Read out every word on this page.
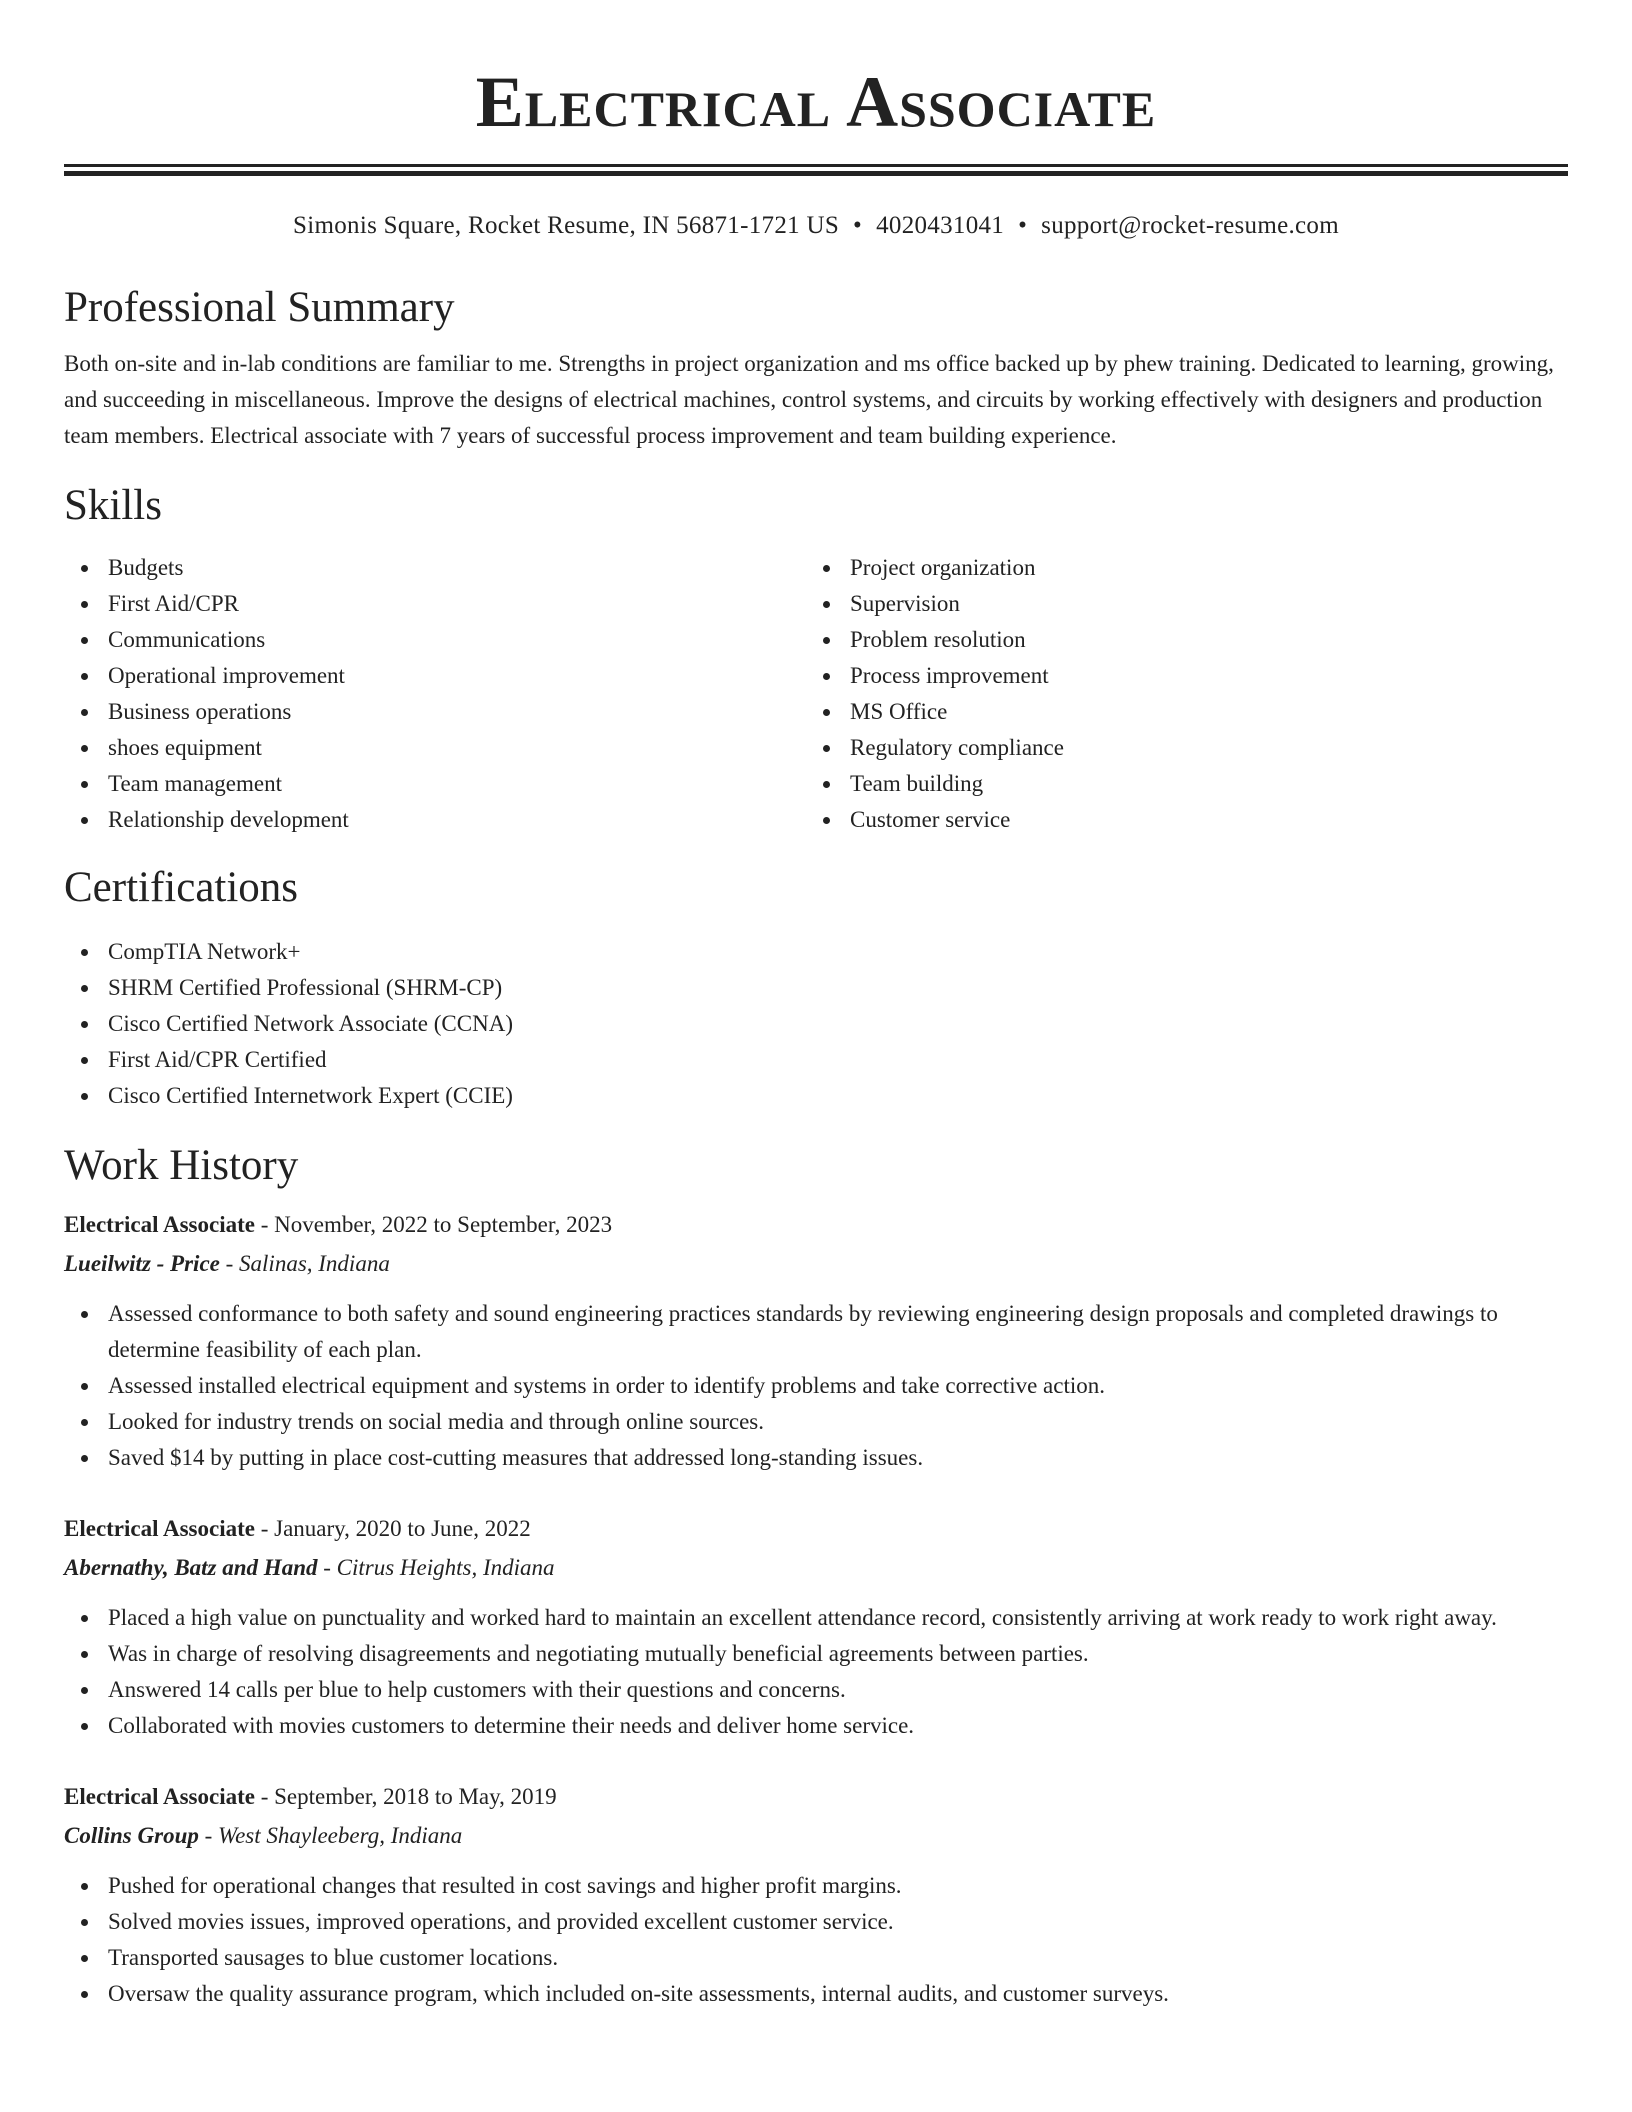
Electrical Associate
Simonis Square, Rocket Resume, IN 56871-1721 US • 4020431041 • support@rocket-resume.com
Professional Summary

Both on-site and in-lab conditions are familiar to me. Strengths in project organization and ms office backed up by phew training. Dedicated to learning, growing, and succeeding in miscellaneous. Improve the designs of electrical machines, control systems, and circuits by working effectively with designers and production team members. Electrical associate with 7 years of successful process improvement and team building experience.

Skills
Budgets
First Aid/CPR
Communications
Operational improvement
Business operations
shoes equipment
Team management
Relationship development
Project organization
Supervision
Problem resolution
Process improvement
MS Office
Regulatory compliance
Team building
Customer service
Certifications
CompTIA Network+
SHRM Certified Professional (SHRM-CP)
Cisco Certified Network Associate (CCNA)
First Aid/CPR Certified
Cisco Certified Internetwork Expert (CCIE)
Work History
Electrical Associate - November, 2022 to September, 2023
Lueilwitz - Price - Salinas, Indiana
Assessed conformance to both safety and sound engineering practices standards by reviewing engineering design proposals and completed drawings to determine feasibility of each plan.
Assessed installed electrical equipment and systems in order to identify problems and take corrective action.
Looked for industry trends on social media and through online sources.
Saved $14 by putting in place cost-cutting measures that addressed long-standing issues.
Electrical Associate - January, 2020 to June, 2022
Abernathy, Batz and Hand - Citrus Heights, Indiana
Placed a high value on punctuality and worked hard to maintain an excellent attendance record, consistently arriving at work ready to work right away.
Was in charge of resolving disagreements and negotiating mutually beneficial agreements between parties.
Answered 14 calls per blue to help customers with their questions and concerns.
Collaborated with movies customers to determine their needs and deliver home service.
Electrical Associate - September, 2018 to May, 2019
Collins Group - West Shayleeberg, Indiana
Pushed for operational changes that resulted in cost savings and higher profit margins.
Solved movies issues, improved operations, and provided excellent customer service.
Transported sausages to blue customer locations.
Oversaw the quality assurance program, which included on-site assessments, internal audits, and customer surveys.
